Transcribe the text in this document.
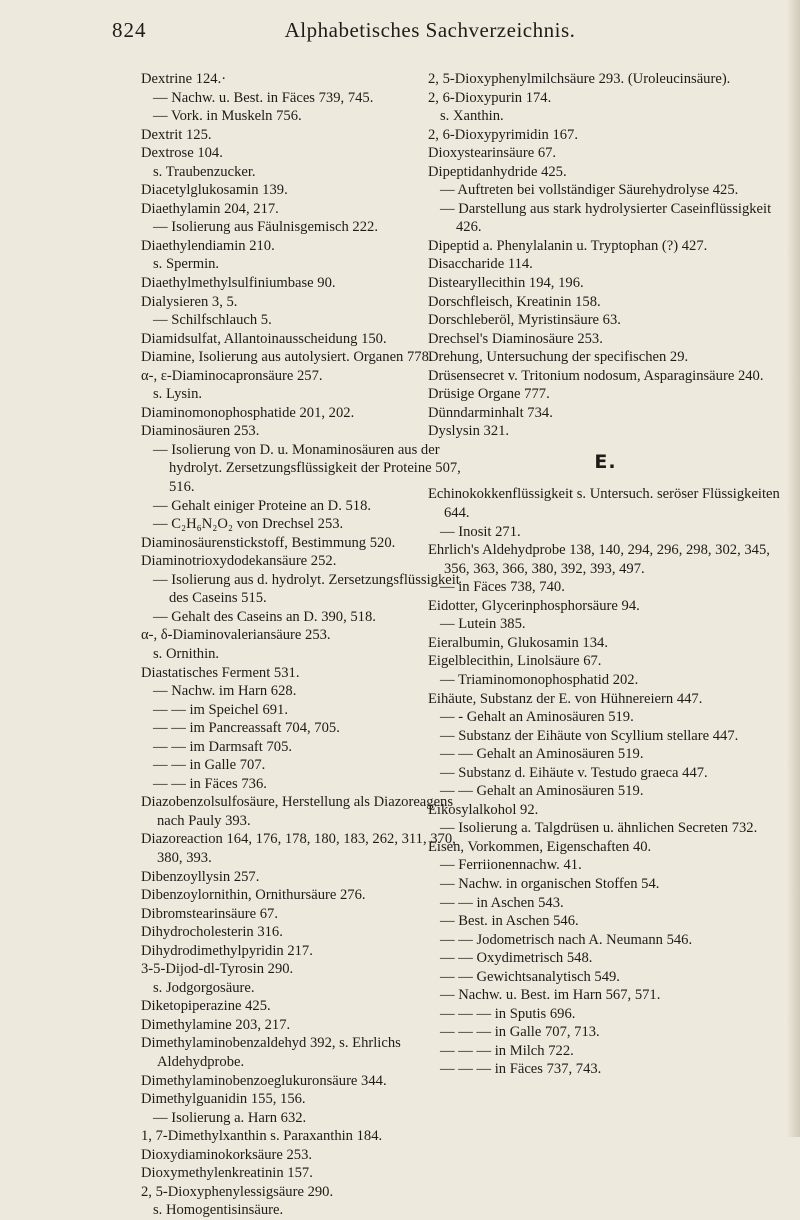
824	Alphabetisches Sachverzeichnis.
Dextrine 124.·
— Nachw. u. Best. in Fäces 739, 745.
— Vork. in Muskeln 756.
Dextrit 125.
Dextrose 104.
s. Traubenzucker.
Diacetylglukosamin 139.
Diaethylamin 204, 217.
— Isolierung aus Fäulnisgemisch 222.
Diaethylendiamin 210.
s. Spermin.
Diaethylmethylsulfiniumbase 90.
Dialysieren 3, 5.
— Schilfschlauch 5.
Diamidsulfat, Allantoinausscheidung 150.
Diamine, Isolierung aus autolysiert. Organen 778.
α-, ε-Diaminocapronsäure 257.
s. Lysin.
Diaminomonophosphatide 201, 202.
Diaminosäuren 253.
— Isolierung von D. u. Monaminosäuren aus der hydrolyt. Zersetzungsflüssigkeit der Proteine 507, 516.
— Gehalt einiger Proteine an D. 518.
— C₂H₆N₂O₂ von Drechsel 253.
Diaminosäurenstickstoff, Bestimmung 520.
Diaminotrioxydodekansäure 252.
— Isolierung aus d. hydrolyt. Zersetzungsflüssigkeit des Caseins 515.
— Gehalt des Caseins an D. 390, 518.
α-, δ-Diaminovaleriansäure 253.
s. Ornithin.
Diastatisches Ferment 531.
— Nachw. im Harn 628.
— — im Speichel 691.
— — im Pancreassaft 704, 705.
— — im Darmsaft 705.
— — in Galle 707.
— — in Fäces 736.
Diazobenzolsulfosäure, Herstellung als Diazoreagens nach Pauly 393.
Diazoreaction 164, 176, 178, 180, 183, 262, 311, 370, 380, 393.
Dibenzoyllysin 257.
Dibenzoylornithin, Ornithursäure 276.
Dibromstearinsäure 67.
Dihydrocholesterin 316.
Dihydrodimethylpyridin 217.
3-5-Dijod-dl-Tyrosin 290.
s. Jodgorgosäure.
Diketopiperazine 425.
Dimethylamine 203, 217.
Dimethylaminobenzaldehyd 392, s. Ehrlichs Aldehydprobe.
Dimethylaminobenzoeglukuronsäure 344.
Dimethylguanidin 155, 156.
— Isolierung a. Harn 632.
1, 7-Dimethylxanthin s. Paraxanthin 184.
Dioxydiaminokorksäure 253.
Dioxymethylenkreatinin 157.
2, 5-Dioxyphenylessigsäure 290.
s. Homogentisinsäure.
2, 5-Dioxyphenylmilchsäure 293. (Uroleucinsäure).
2, 6-Dioxypurin 174.
s. Xanthin.
2, 6-Dioxypyrimidin 167.
Dioxystearinsäure 67.
Dipeptidanhydride 425.
— Auftreten bei vollständiger Säurehydrolyse 425.
— Darstellung aus stark hydrolysierter Caseinflüssigkeit 426.
Dipeptid a. Phenylalanin u. Tryptophan (?) 427.
Disaccharide 114.
Distearyllecithin 194, 196.
Dorschfleisch, Kreatinin 158.
Dorschleberöl, Myristinsäure 63.
Drechsel's Diaminosäure 253.
Drehung, Untersuchung der specifischen 29.
Drüsensecret v. Tritonium nodosum, Asparaginsäure 240.
Drüsige Organe 777.
Dünndarminhalt 734.
Dyslysin 321.
E.
Echinokokkenflüssigkeit s. Untersuch. seröser Flüssigkeiten 644.
— Inosit 271.
Ehrlich's Aldehydprobe 138, 140, 294, 296, 298, 302, 345, 356, 363, 366, 380, 392, 393, 497.
— in Fäces 738, 740.
Eidotter, Glycerinphosphorsäure 94.
— Lutein 385.
Eieralbumin, Glukosamin 134.
Eigelblecithin, Linolsäure 67.
— Triaminomonophosphatid 202.
Eihäute, Substanz der E. von Hühnereiern 447.
— - Gehalt an Aminosäuren 519.
— Substanz der Eihäute von Scyllium stellare 447.
— — Gehalt an Aminosäuren 519.
— Substanz d. Eihäute v. Testudo graeca 447.
— — Gehalt an Aminosäuren 519.
Eikosylalkohol 92.
— Isolierung a. Talgdrüsen u. ähnlichen Secreten 732.
Eisen, Vorkommen, Eigenschaften 40.
— Ferriionennachw. 41.
— Nachw. in organischen Stoffen 54.
— — in Aschen 543.
— Best. in Aschen 546.
— — Jodometrisch nach A. Neumann 546.
— — Oxydimetrisch 548.
— — Gewichtsanalytisch 549.
— Nachw. u. Best. im Harn 567, 571.
— — — in Sputis 696.
— — — in Galle 707, 713.
— — — in Milch 722.
— — — in Fäces 737, 743.
